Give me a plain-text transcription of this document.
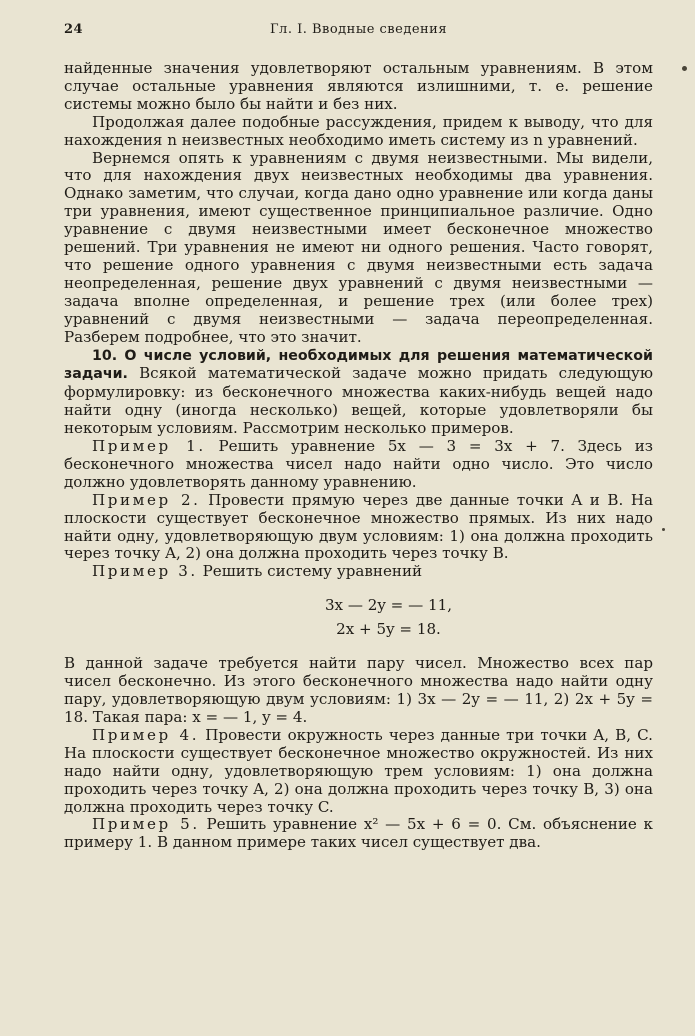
24	Гл. I. Вводные сведения

найденные значения удовлетворяют остальным уравнениям. В этом случае остальные уравнения являются излишними, т. е. решение системы можно было бы найти и без них.

Продолжая далее подобные рассуждения, придем к выводу, что для нахождения n неизвестных необходимо иметь систему из n уравнений.

Вернемся опять к уравнениям с двумя неизвестными. Мы видели, что для нахождения двух неизвестных необходимы два уравнения. Однако заметим, что случаи, когда дано одно уравнение или когда даны три уравнения, имеют существенное принципиальное различие. Одно уравнение с двумя неизвестными имеет бесконечное множество решений. Три уравнения не имеют ни одного решения. Часто говорят, что решение одного уравнения с двумя неизвестными есть задача неопределенная, решение двух уравнений с двумя неизвестными — задача вполне определенная, и решение трех (или более трех) уравнений с двумя неизвестными — задача переопределенная. Разберем подробнее, что это значит.

10. О числе условий, необходимых для решения математической задачи. Всякой математической задаче можно придать следующую формулировку: из бесконечного множества каких-нибудь вещей надо найти одну (иногда несколько) вещей, которые удовлетворяли бы некоторым условиям. Рассмотрим несколько примеров.

Пример 1. Решить уравнение 5x — 3 = 3x + 7. Здесь из бесконечного множества чисел надо найти одно число. Это число должно удовлетворять данному уравнению.

Пример 2. Провести прямую через две данные точки A и B. На плоскости существует бесконечное множество прямых. Из них надо найти одну, удовлетворяющую двум условиям: 1) она должна проходить через точку A, 2) она должна проходить через точку B.

Пример 3. Решить систему уравнений

3x — 2y = — 11,
2x + 5y = 18.

В данной задаче требуется найти пару чисел. Множество всех пар чисел бесконечно. Из этого бесконечного множества надо найти одну пару, удовлетворяющую двум условиям: 1) 3x — 2y = — 11, 2) 2x + 5y = 18. Такая пара: x = — 1, y = 4.

Пример 4. Провести окружность через данные три точки A, B, C. На плоскости существует бесконечное множество окружностей. Из них надо найти одну, удовлетворяющую трем условиям: 1) она должна проходить через точку A, 2) она должна проходить через точку B, 3) она должна проходить через точку C.

Пример 5. Решить уравнение x² — 5x + 6 = 0. См. объяснение к примеру 1. В данном примере таких чисел существует два.
